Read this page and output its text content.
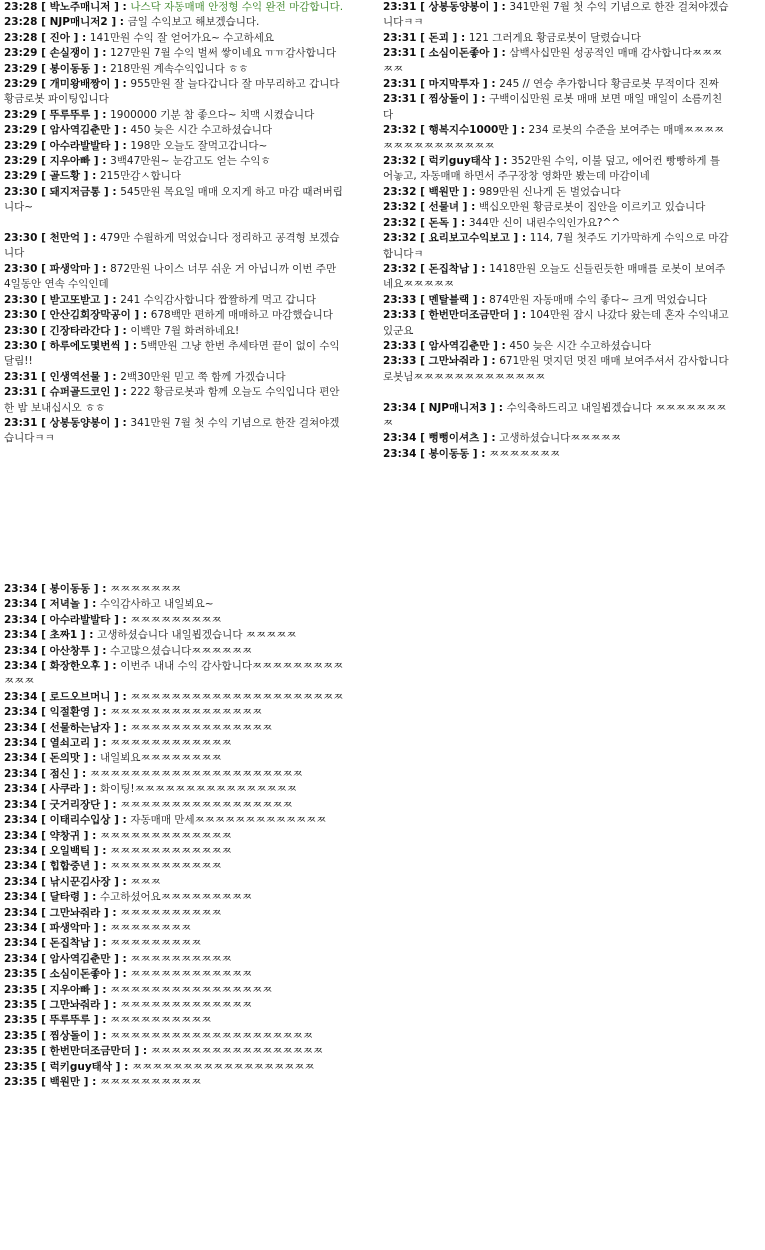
23:28 [ 박노주매니저 ] : 나스닥 자동매매 안정형 수익 완전 마감합니다.

23:28 [ NJP매니저2 ] : 금일 수익보고 해보겠습니다.

23:28 [ 진아 ] : 141만원 수익 잘 얻어가요~ 수고하세요

23:29 [ 손실쟁이 ] : 127만원 7월 수익 벌써 쌓이네요 ㅠㅠ감사합니다

23:29 [ 봉이동동 ] : 218만원 계속수익입니다 ㅎㅎ

23:29 [ 개미왕배짱이 ] : 955만원 잘 늘다갑니다 잘 마무리하고 갑니다 황금로봇 파이팅입니다

23:29 [ 뚜루뚜루 ] : 1900000 기분 참 좋으다~ 치맥 시켰습니다

23:29 [ 암사역김춘만 ] : 450 늦은 시간 수고하셨습니다

23:29 [ 아수라발발타 ] : 198만 오늘도 잘먹고갑니다~

23:29 [ 지우아빠 ] : 3백47만원~ 눈감고도 얻는 수익ㅎ

23:29 [ 골드황 ] : 215만감ㅅ합니다

23:30 [ 돼지저금통 ] : 545만원 목요일 매매 오지게 하고 마감 때려버립니다~

23:30 [ 천만억 ] : 479만 수월하게 먹었습니다 정리하고 공격형 보겠습니다

23:30 [ 파생악마 ] : 872만원 나이스 너무 쉬운 거 아닙니까 이번 주만 4일동안 연속 수익인데

23:30 [ 받고또받고 ] : 241 수익감사합니다 짭짤하게 먹고 갑니다

23:30 [ 안산김회장막공이 ] : 678백만 편하게 매매하고 마감했습니다

23:30 [ 긴장타라간다 ] : 이백만 7월 화려하네요!

23:30 [ 하루에도몇번씩 ] : 5백만원 그냥 한번 추세타면 끝이 없이 수익 달림!!

23:31 [ 인생역선물 ] : 2백30만원 믿고 쭉 함께 가겠습니다

23:31 [ 슈퍼골드코인 ] : 222 황금로봇과 함께 오늘도 수익입니다 편안한 밤 보내십시오 ㅎㅎ

23:31 [ 상봉동양봉이 ] : 341만원 7월 첫 수익 기념으로 한잔 걸쳐야겠습니다ㅋㅋ

23:31 [ 상봉동양봉이 ] : 341만원 7월 첫 수익 기념으로 한잔 걸쳐야겠습니다ㅋㅋ

23:31 [ 돈괴 ] : 121 그러게요 황금로봇이 달렸습니다

23:31 [ 소심이돈좋아 ] : 삼백사십만원 성공적인 매매 감사합니다ㅉㅉㅉㅉㅉ

23:31 [ 마지막투자 ] : 245 // 연승 추가합니다 황금로봇 무적이다 진짜

23:31 [ 찜상돌이 ] : 구백이십만원 로봇 매매 보면 매일 매일이 소름끼친다

23:32 [ 행복지수1000만 ] : 234 로봇의 수준을 보여주는 매매ㅉㅉㅉㅉㅉㅉㅉㅉㅉㅉㅉㅉㅉㅉㅉ

23:32 [ 럭키guy태삭 ] : 352만원 수익, 이불 덮고, 에어컨 빵빵하게 틀어놓고, 자동매매 하면서 주구장창 영화만 봤는데 마감이네

23:32 [ 백원만 ] : 989만원 신나게 돈 벌었습니다

23:32 [ 선물녀 ] : 백십오만원 황금로봇이 집안을 이르키고 있습니다

23:32 [ 돈독 ] : 344만 신이 내린수익인가요?^^

23:32 [ 요리보고수익보고 ] : 114, 7월 첫주도 기가막하게 수익으로 마감합니다ㅋ

23:32 [ 돈집착남 ] : 1418만원 오늘도 신들린듯한 매매를 로봇이 보여주네요ㅉㅉㅉㅉㅉ

23:33 [ 멘탈블랙 ] : 874만원 자동매매 수익 좋다~ 크게 먹었습니다

23:33 [ 한번만더조금만더 ] : 104만원 잠시 나갔다 왔는데 혼자 수익내고 있군요

23:33 [ 암사역김춘만 ] : 450 늦은 시간 수고하셨습니다

23:33 [ 그만놔줘라 ] : 671만원 멋지던 멋진 매매 보여주셔서 감사합니다 로봇님ㅉㅉㅉㅉㅉㅉㅉㅉㅉㅉㅉㅉㅉ

23:34 [ NJP매니저3 ] : 수익축하드리고 내일뵙겠습니다 ㅉㅉㅉㅉㅉㅉㅉㅉ

23:34 [ 뻥뻥이셔츠 ] : 고생하셨습니다ㅉㅉㅉㅉㅉ

23:34 [ 봉이동동 ] : ㅉㅉㅉㅉㅉㅉㅉ

23:34 [ 봉이동동 ] : ㅉㅉㅉㅉㅉㅉㅉ

23:34 [ 저녁놀 ] : 수익감사하고 내일뵈요~

23:34 [ 아수라발발타 ] : ㅉㅉㅉㅉㅉㅉㅉㅉㅉ

23:34 [ 초짜1 ] : 고생하셨습니다 내일뵙겠습니다 ㅉㅉㅉㅉㅉ

23:34 [ 아산창투 ] : 수고많으셨습니다ㅉㅉㅉㅉㅉㅉ

23:34 [ 화장한오후 ] : 이번주 내내 수익 감사합니다ㅉㅉㅉㅉㅉㅉㅉㅉㅉㅉㅉㅉ

23:34 [ 로드오브머니 ] : ㅉㅉㅉㅉㅉㅉㅉㅉㅉㅉㅉㅉㅉㅉㅉㅉㅉㅉㅉㅉㅉ

23:34 [ 익절환영 ] : ㅉㅉㅉㅉㅉㅉㅉㅉㅉㅉㅉㅉㅉㅉㅉ

23:34 [ 선물하는남자 ] : ㅉㅉㅉㅉㅉㅉㅉㅉㅉㅉㅉㅉㅉㅉ

23:34 [ 열쇠고리 ] : ㅉㅉㅉㅉㅉㅉㅉㅉㅉㅉㅉㅉ

23:34 [ 돈의맛 ] : 내일뵈요ㅉㅉㅉㅉㅉㅉㅉㅉ

23:34 [ 점신 ] : ㅉㅉㅉㅉㅉㅉㅉㅉㅉㅉㅉㅉㅉㅉㅉㅉㅉㅉㅉㅉㅉ

23:34 [ 사쿠라 ] : 화이팅!ㅉㅉㅉㅉㅉㅉㅉㅉㅉㅉㅉㅉㅉㅉㅉㅉ

23:34 [ 굿거리장단 ] : ㅉㅉㅉㅉㅉㅉㅉㅉㅉㅉㅉㅉㅉㅉㅉㅉㅉ

23:34 [ 이태리수입상 ] : 자동매매 만세ㅉㅉㅉㅉㅉㅉㅉㅉㅉㅉㅉㅉㅉ

23:34 [ 약창귀 ] : ㅉㅉㅉㅉㅉㅉㅉㅉㅉㅉㅉㅉㅉ

23:34 [ 오일백틱 ] : ㅉㅉㅉㅉㅉㅉㅉㅉㅉㅉㅉㅉ

23:34 [ 힙합중년 ] : ㅉㅉㅉㅉㅉㅉㅉㅉㅉㅉㅉ

23:34 [ 낚시꾼김사장 ] : ㅉㅉㅉ

23:34 [ 달타령 ] : 수고하셨어요ㅉㅉㅉㅉㅉㅉㅉㅉㅉ

23:34 [ 그만놔줘라 ] : ㅉㅉㅉㅉㅉㅉㅉㅉㅉㅉ

23:34 [ 파생악마 ] : ㅉㅉㅉㅉㅉㅉㅉㅉ

23:34 [ 돈집착남 ] : ㅉㅉㅉㅉㅉㅉㅉㅉㅉ

23:34 [ 암사역김춘만 ] : ㅉㅉㅉㅉㅉㅉㅉㅉㅉㅉ

23:35 [ 소심이돈좋아 ] : ㅉㅉㅉㅉㅉㅉㅉㅉㅉㅉㅉㅉ

23:35 [ 지우아빠 ] : ㅉㅉㅉㅉㅉㅉㅉㅉㅉㅉㅉㅉㅉㅉㅉㅉ

23:35 [ 그만놔줘라 ] : ㅉㅉㅉㅉㅉㅉㅉㅉㅉㅉㅉㅉㅉ

23:35 [ 뚜루뚜루 ] : ㅉㅉㅉㅉㅉㅉㅉㅉㅉㅉ

23:35 [ 찜상돌이 ] : ㅉㅉㅉㅉㅉㅉㅉㅉㅉㅉㅉㅉㅉㅉㅉㅉㅉㅉㅉㅉ

23:35 [ 한번만더조금만더 ] : ㅉㅉㅉㅉㅉㅉㅉㅉㅉㅉㅉㅉㅉㅉㅉㅉㅉ

23:35 [ 럭키guy태삭 ] : ㅉㅉㅉㅉㅉㅉㅉㅉㅉㅉㅉㅉㅉㅉㅉㅉㅉㅉ

23:35 [ 백원만 ] : ㅉㅉㅉㅉㅉㅉㅉㅉㅉㅉ
